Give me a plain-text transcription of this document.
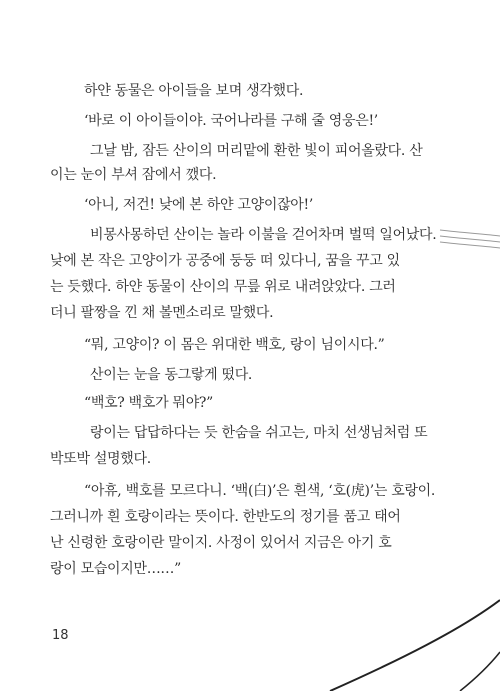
하얀 동물은 아이들을 보며 생각했다.
‘바로 이 아이들이야. 국어나라를 구해 줄 영웅은!’
그날 밤, 잠든 산이의 머리맡에 환한 빛이 피어올랐다. 산
이는 눈이 부셔 잠에서 깼다.
‘아니, 저건! 낮에 본 하얀 고양이잖아!’
비몽사몽하던 산이는 놀라 이불을 걷어차며 벌떡 일어났다.
낮에 본 작은 고양이가 공중에 둥둥 떠 있다니, 꿈을 꾸고 있
는 듯했다. 하얀 동물이 산이의 무릎 위로 내려앉았다. 그러
더니 팔짱을 낀 채 볼멘소리로 말했다.
“뭐, 고양이? 이 몸은 위대한 백호, 랑이 님이시다.”
산이는 눈을 동그랗게 떴다.
“백호? 백호가 뭐야?”
랑이는 답답하다는 듯 한숨을 쉬고는, 마치 선생님처럼 또
박또박 설명했다.
“아휴, 백호를 모르다니. ‘백(白)’은 흰색, ‘호(虎)’는 호랑이.
그러니까 흰 호랑이라는 뜻이다. 한반도의 정기를 품고 태어
난 신령한 호랑이란 말이지. 사정이 있어서 지금은 아기 호
랑이 모습이지만……”
18
